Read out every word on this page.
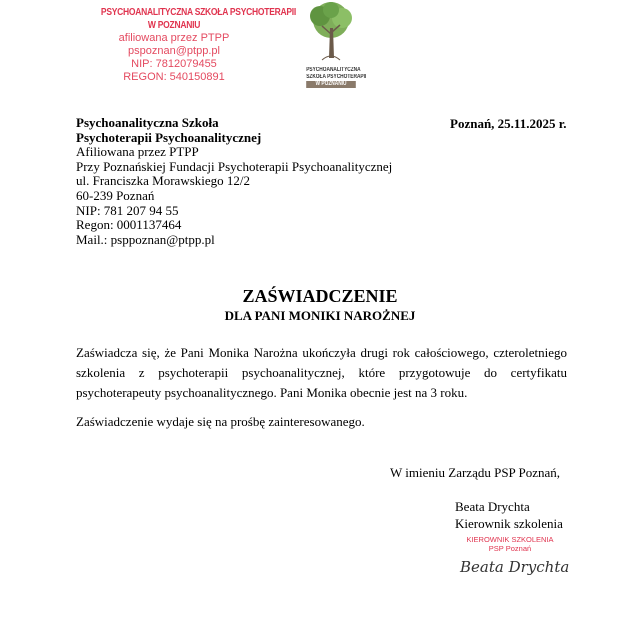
PSYCHOANALITYCZNA SZKOŁA PSYCHOTERAPII
W POZNANIU
afiliowana przez PTPP
pspoznan@ptpp.pl
NIP: 7812079455
REGON: 540150891
PSYCHOANALITYCZNA
SZKOŁA PSYCHOTERAPII
W POZNANIU
Psychoanalityczna Szkoła
Psychoterapii Psychoanalitycznej
Afiliowana przez PTPP
Przy Poznańskiej Fundacji Psychoterapii Psychoanalitycznej
ul. Franciszka Morawskiego 12/2
60-239 Poznań
NIP: 781 207 94 55
Regon: 0001137464
Mail.: psppoznan@ptpp.pl
Poznań, 25.11.2025 r.
ZAŚWIADCZENIE
DLA PANI MONIKI NAROŻNEJ
Zaświadcza się, że Pani Monika Narożna ukończyła drugi rok całościowego, czteroletniego szkolenia z psychoterapii psychoanalitycznej, które przygotowuje do certyfikatu psychoterapeuty psychoanalitycznego. Pani Monika obecnie jest na 3 roku.
Zaświadczenie wydaje się na prośbę zainteresowanego.
W imieniu Zarządu PSP Poznań,
Beata Drychta
Kierownik szkolenia
KIEROWNIK SZKOLENIA
PSP Poznań
Beata Drychta
